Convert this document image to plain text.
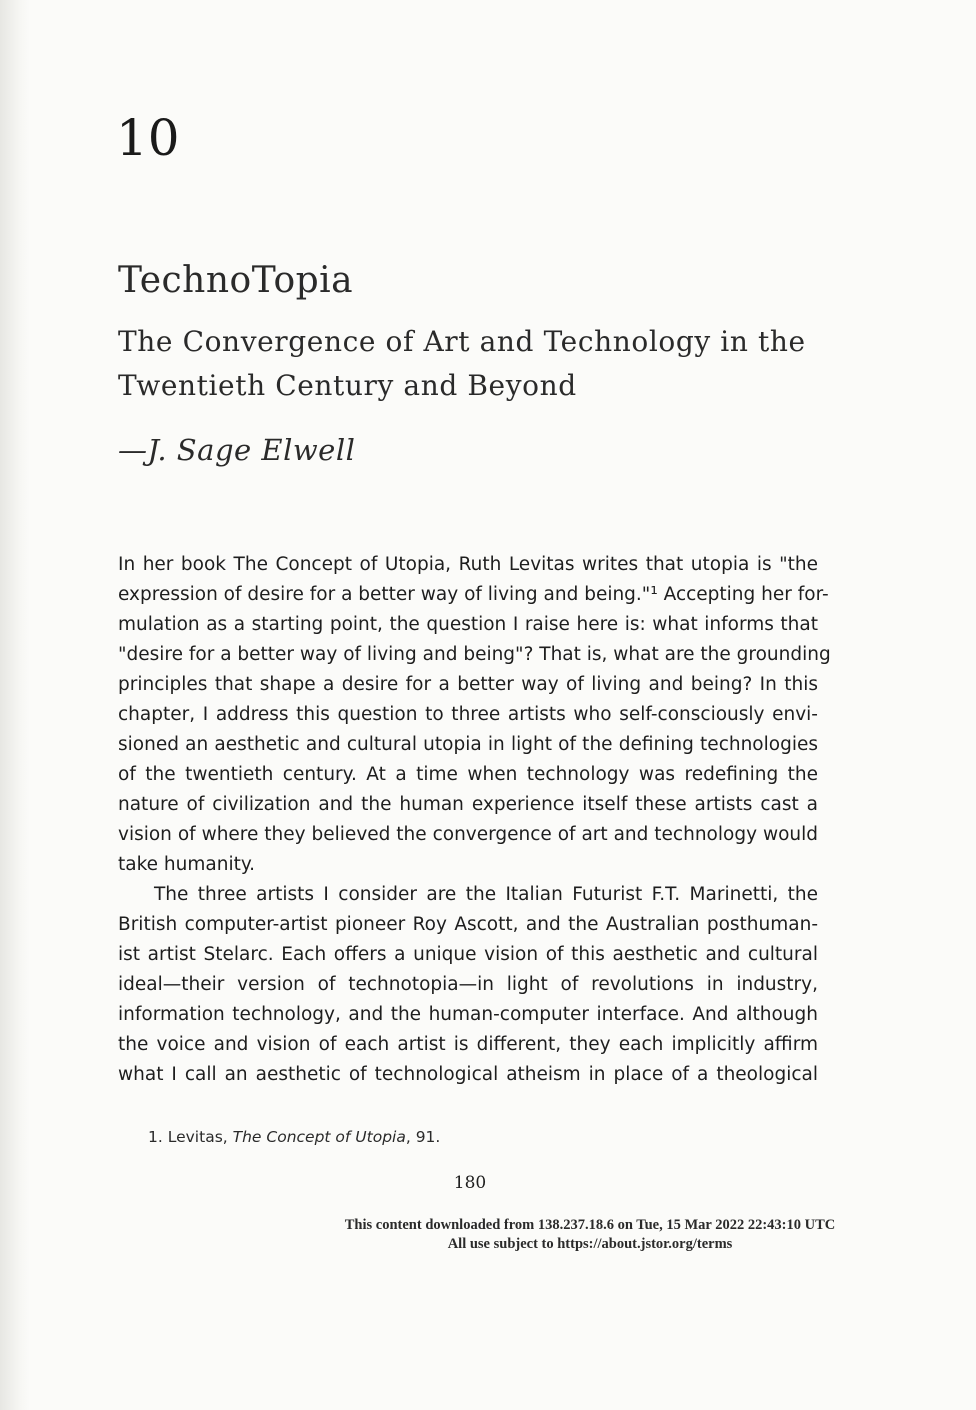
10
TechnoTopia
The Convergence of Art and Technology in the
Twentieth Century and Beyond
—J. Sage Elwell
In her book The Concept of Utopia, Ruth Levitas writes that utopia is "the
expression of desire for a better way of living and being."¹ Accepting her for-
mulation as a starting point, the question I raise here is: what informs that
"desire for a better way of living and being"? That is, what are the grounding
principles that shape a desire for a better way of living and being? In this
chapter, I address this question to three artists who self-consciously envi-
sioned an aesthetic and cultural utopia in light of the defining technologies
of the twentieth century. At a time when technology was redefining the
nature of civilization and the human experience itself these artists cast a
vision of where they believed the convergence of art and technology would
take humanity.
The three artists I consider are the Italian Futurist F.T. Marinetti, the
British computer-artist pioneer Roy Ascott, and the Australian posthuman-
ist artist Stelarc. Each offers a unique vision of this aesthetic and cultural
ideal—their version of technotopia—in light of revolutions in industry,
information technology, and the human-computer interface. And although
the voice and vision of each artist is different, they each implicitly affirm
what I call an aesthetic of technological atheism in place of a theological
1. Levitas, The Concept of Utopia, 91.
180
This content downloaded from 138.237.18.6 on Tue, 15 Mar 2022 22:43:10 UTC
All use subject to https://about.jstor.org/terms
